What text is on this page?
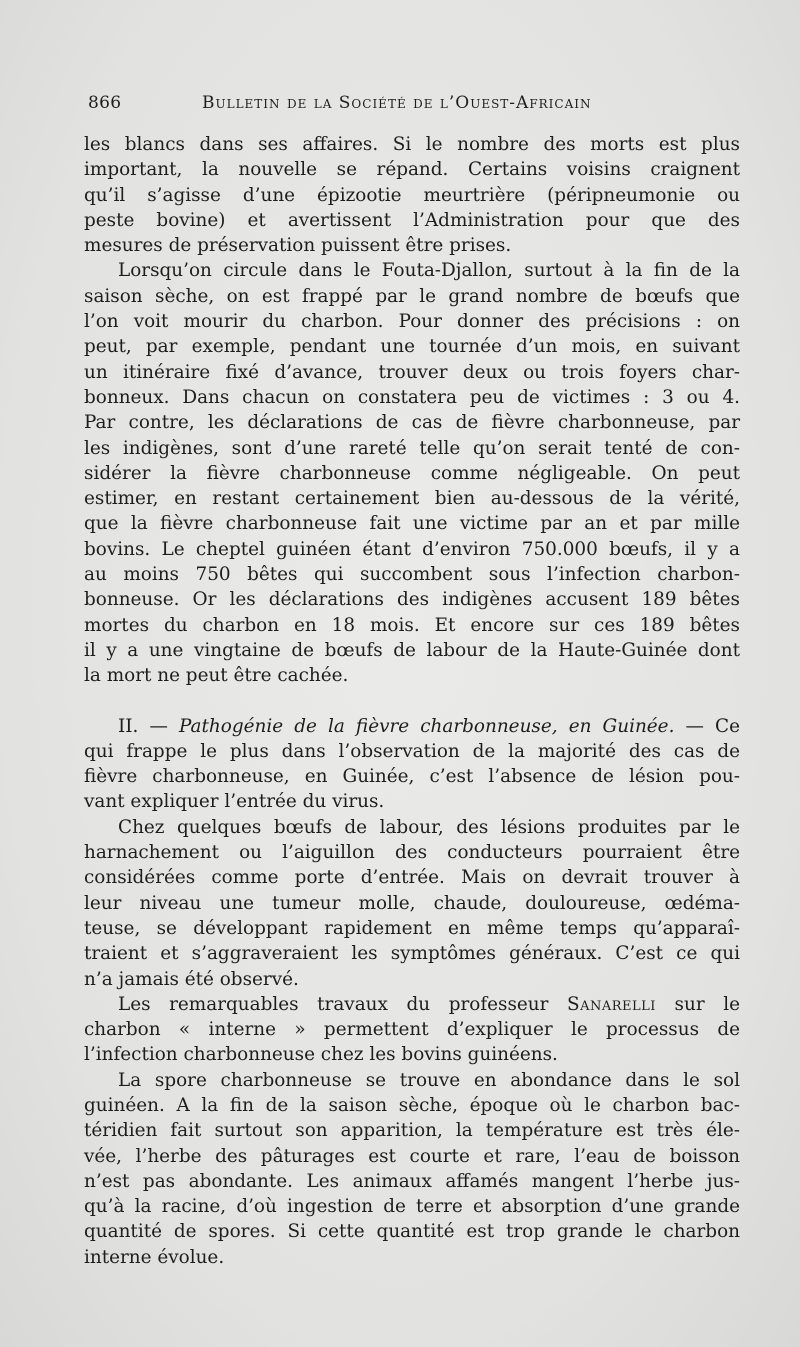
866	Bulletin de la Société de l’Ouest-Africain
les blancs dans ses affaires. Si le nombre des morts est plus
important, la nouvelle se répand. Certains voisins craignent
qu’il s’agisse d’une épizootie meurtrière (péripneumonie ou
peste bovine) et avertissent l’Administration pour que des
mesures de préservation puissent être prises.
Lorsqu’on circule dans le Fouta-Djallon, surtout à la fin de la
saison sèche, on est frappé par le grand nombre de bœufs que
l’on voit mourir du charbon. Pour donner des précisions : on
peut, par exemple, pendant une tournée d’un mois, en suivant
un itinéraire fixé d’avance, trouver deux ou trois foyers char-
bonneux. Dans chacun on constatera peu de victimes : 3 ou 4.
Par contre, les déclarations de cas de fièvre charbonneuse, par
les indigènes, sont d’une rareté telle qu’on serait tenté de con-
sidérer la fièvre charbonneuse comme négligeable. On peut
estimer, en restant certainement bien au-dessous de la vérité,
que la fièvre charbonneuse fait une victime par an et par mille
bovins. Le cheptel guinéen étant d’environ 750.000 bœufs, il y a
au moins 750 bêtes qui succombent sous l’infection charbon-
bonneuse. Or les déclarations des indigènes accusent 189 bêtes
mortes du charbon en 18 mois. Et encore sur ces 189 bêtes
il y a une vingtaine de bœufs de labour de la Haute-Guinée dont
la mort ne peut être cachée.
II. — Pathogénie de la fièvre charbonneuse, en Guinée. — Ce
qui frappe le plus dans l’observation de la majorité des cas de
fièvre charbonneuse, en Guinée, c’est l’absence de lésion pou-
vant expliquer l’entrée du virus.
Chez quelques bœufs de labour, des lésions produites par le
harnachement ou l’aiguillon des conducteurs pourraient être
considérées comme porte d’entrée. Mais on devrait trouver à
leur niveau une tumeur molle, chaude, douloureuse, œdéma-
teuse, se développant rapidement en même temps qu’apparaî-
traient et s’aggraveraient les symptômes généraux. C’est ce qui
n’a jamais été observé.
Les remarquables travaux du professeur Sanarelli sur le
charbon « interne » permettent d’expliquer le processus de
l’infection charbonneuse chez les bovins guinéens.
La spore charbonneuse se trouve en abondance dans le sol
guinéen. A la fin de la saison sèche, époque où le charbon bac-
téridien fait surtout son apparition, la température est très éle-
vée, l’herbe des pâturages est courte et rare, l’eau de boisson
n’est pas abondante. Les animaux affamés mangent l’herbe jus-
qu’à la racine, d’où ingestion de terre et absorption d’une grande
quantité de spores. Si cette quantité est trop grande le charbon
interne évolue.
